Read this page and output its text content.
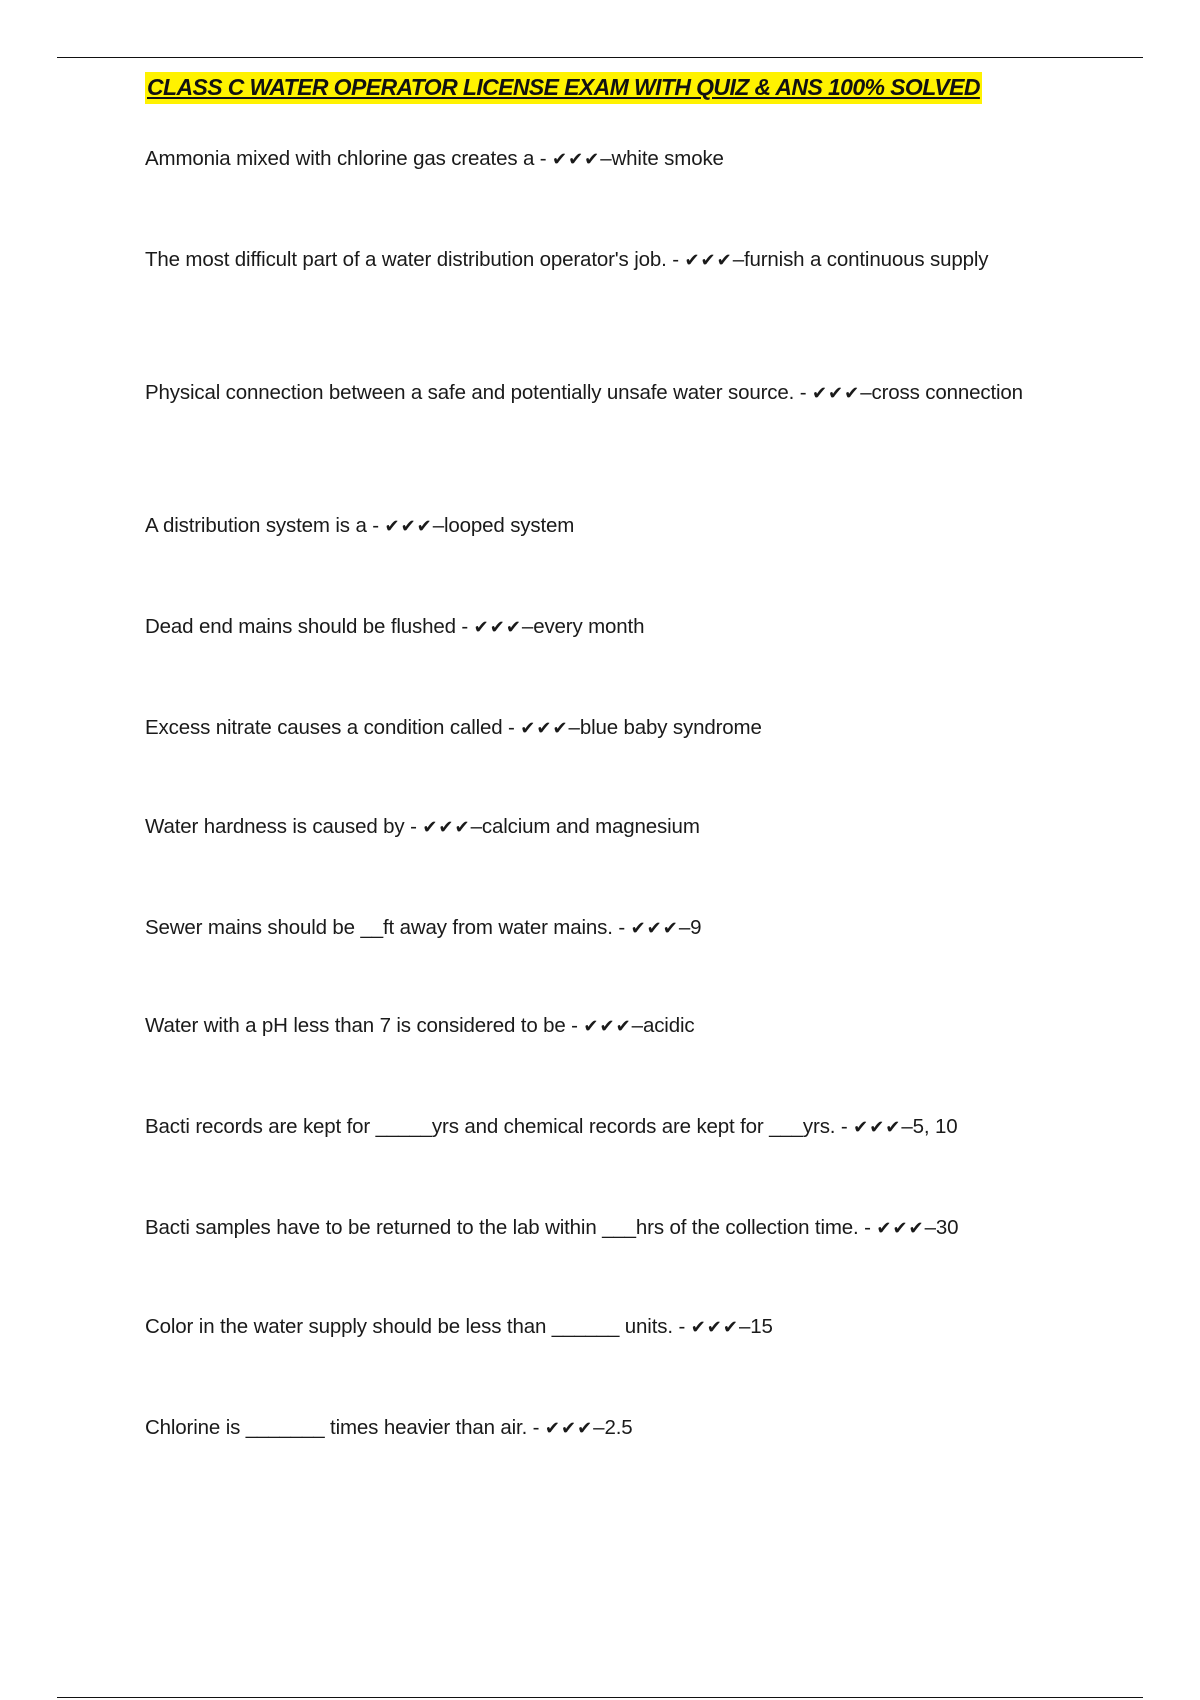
CLASS C WATER OPERATOR LICENSE EXAM WITH QUIZ & ANS 100% SOLVED
Ammonia mixed with chlorine gas creates a - ✔✔✔–white smoke
The most difficult part of a water distribution operator's job. - ✔✔✔–furnish a continuous supply
Physical connection between a safe and potentially unsafe water source. - ✔✔✔–cross connection
A distribution system is a - ✔✔✔–looped system
Dead end mains should be flushed - ✔✔✔–every month
Excess nitrate causes a condition called - ✔✔✔–blue baby syndrome
Water hardness is caused by - ✔✔✔–calcium and magnesium
Sewer mains should be __ft away from water mains. - ✔✔✔–9
Water with a pH less than 7 is considered to be - ✔✔✔–acidic
Bacti records are kept for _____yrs and chemical records are kept for ___yrs. - ✔✔✔–5, 10
Bacti samples have to be returned to the lab within ___hrs of the collection time. - ✔✔✔–30
Color in the water supply should be less than ______ units. - ✔✔✔–15
Chlorine is _______ times heavier than air. - ✔✔✔–2.5
